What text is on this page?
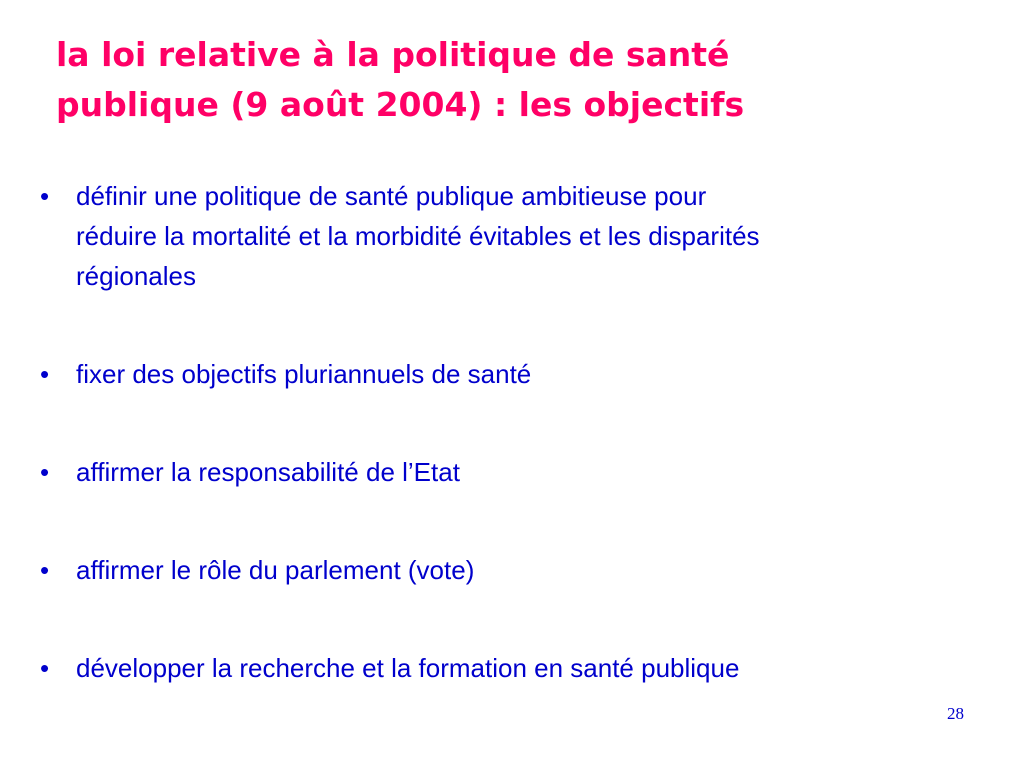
la loi relative à la politique de santé
publique (9 août 2004) : les objectifs
•	définir une politique de santé publique ambitieuse pour
réduire la mortalité et la morbidité évitables et les disparités
régionales
•	fixer des objectifs pluriannuels de santé
•	affirmer la responsabilité de l’Etat
•	affirmer le rôle du parlement (vote)
•	développer la recherche et la formation en santé publique
28
